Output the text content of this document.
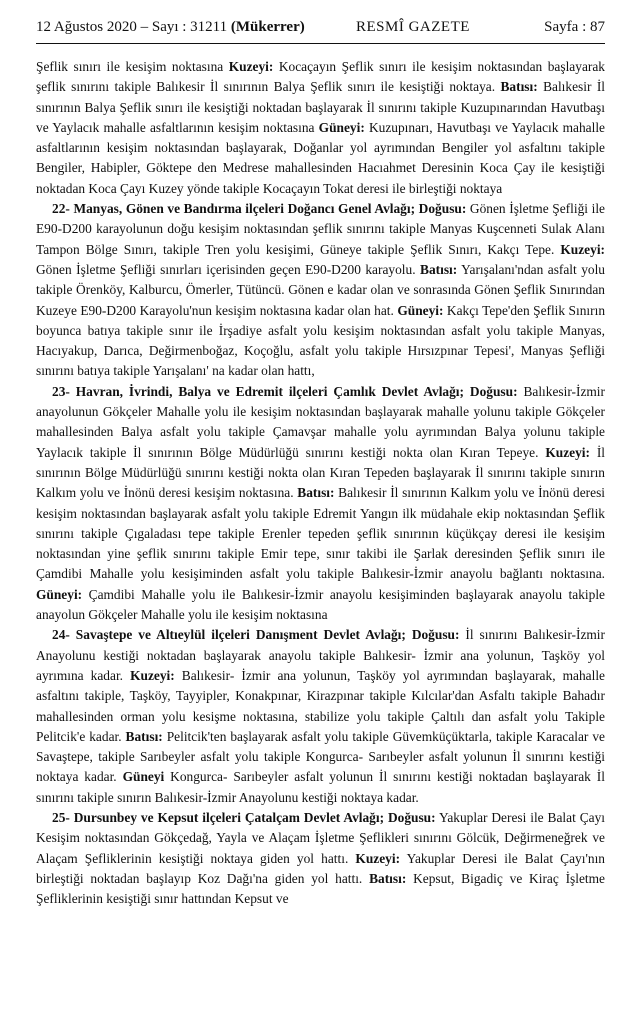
12 Ağustos 2020 – Sayı : 31211 (Mükerrer)	RESMÎ GAZETE	Sayfa : 87

Şeflik sınırı ile kesişim noktasına Kuzeyi: Kocaçayın Şeflik sınırı ile kesişim noktasından başlayarak şeflik sınırını takiple Balıkesir İl sınırının Balya Şeflik sınırı ile kesiştiği noktaya. Batısı: Balıkesir İl sınırının Balya Şeflik sınırı ile kesiştiği noktadan başlayarak İl sınırını takiple Kuzupınarından Havutbaşı ve Yaylacık mahalle asfaltlarının kesişim noktasına Güneyi: Kuzupınarı, Havutbaşı ve Yaylacık mahalle asfaltlarının kesişim noktasından başlayarak, Doğanlar yol ayrımından Bengiler yol asfaltını takiple Bengiler, Habipler, Göktepe den Medrese mahallesinden Hacıahmet Deresinin Koca Çay ile kesiştiği noktadan Koca Çayı Kuzey yönde takiple Kocaçayın Tokat deresi ile birleştiği noktaya

22- Manyas, Gönen ve Bandırma ilçeleri Doğancı Genel Avlağı; Doğusu: Gönen İşletme Şefliği ile E90-D200 karayolunun doğu kesişim noktasından şeflik sınırını takiple Manyas Kuşcenneti Sulak Alanı Tampon Bölge Sınırı, takiple Tren yolu kesişimi, Güneye takiple Şeflik Sınırı, Kakçı Tepe. Kuzeyi: Gönen İşletme Şefliği sınırları içerisinden geçen E90-D200 karayolu. Batısı: Yarışalanı'ndan asfalt yolu takiple Örenköy, Kalburcu, Ömerler, Tütüncü. Gönen e kadar olan ve sonrasında Gönen Şeflik Sınırından Kuzeye E90-D200 Karayolu'nun kesişim noktasına kadar olan hat. Güneyi: Kakçı Tepe'den Şeflik Sınırın boyunca batıya takiple sınır ile İrşadiye asfalt yolu kesişim noktasından asfalt yolu takiple Manyas, Hacıyakup, Darıca, Değirmenboğaz, Koçoğlu, asfalt yolu takiple Hırsızpınar Tepesi', Manyas Şefliği sınırını batıya takiple Yarışalanı' na kadar olan hattı,

23- Havran, İvrindi, Balya ve Edremit ilçeleri Çamlık Devlet Avlağı; Doğusu: Balıkesir-İzmir anayolunun Gökçeler Mahalle yolu ile kesişim noktasından başlayarak mahalle yolunu takiple Gökçeler mahallesinden Balya asfalt yolu takiple Çamavşar mahalle yolu ayrımından Balya yolunu takiple Yaylacık takiple İl sınırının Bölge Müdürlüğü sınırını kestiği nokta olan Kıran Tepeye. Kuzeyi: İl sınırının Bölge Müdürlüğü sınırını kestiği nokta olan Kıran Tepeden başlayarak İl sınırını takiple sınırın Kalkım yolu ve İnönü deresi kesişim noktasına. Batısı: Balıkesir İl sınırının Kalkım yolu ve İnönü deresi kesişim noktasından başlayarak asfalt yolu takiple Edremit Yangın ilk müdahale ekip noktasından Şeflik sınırını takiple Çıgaladası tepe takiple Erenler tepeden şeflik sınırının küçükçay deresi ile kesişim noktasından yine şeflik sınırını takiple Emir tepe, sınır takibi ile Şarlak deresinden Şeflik sınırı ile Çamdibi Mahalle yolu kesişiminden asfalt yolu takiple Balıkesir-İzmir anayolu bağlantı noktasına. Güneyi: Çamdibi Mahalle yolu ile Balıkesir-İzmir anayolu kesişiminden başlayarak anayolu takiple anayolun Gökçeler Mahalle yolu ile kesişim noktasına

24- Savaştepe ve Altıeylül ilçeleri Danışment Devlet Avlağı; Doğusu: İl sınırını Balıkesir-İzmir Anayolunu kestiği noktadan başlayarak anayolu takiple Balıkesir- İzmir ana yolunun, Taşköy yol ayrımına kadar. Kuzeyi: Balıkesir- İzmir ana yolunun, Taşköy yol ayrımından başlayarak, mahalle asfaltını takiple, Taşköy, Tayyipler, Konakpınar, Kirazpınar takiple Kılcılar'dan Asfaltı takiple Bahadır mahallesinden orman yolu kesişme noktasına, stabilize yolu takiple Çaltılı dan asfalt yolu Takiple Pelitcik'e kadar. Batısı: Pelitcik'ten başlayarak asfalt yolu takiple Güvemküçüktarla, takiple Karacalar ve Savaştepe, takiple Sarıbeyler asfalt yolu takiple Kongurca- Sarıbeyler asfalt yolunun İl sınırını kestiği noktaya kadar. Güneyi Kongurca- Sarıbeyler asfalt yolunun İl sınırını kestiği noktadan başlayarak İl sınırını takiple sınırın Balıkesir-İzmir Anayolunu kestiği noktaya kadar.

25- Dursunbey ve Kepsut ilçeleri Çatalçam Devlet Avlağı; Doğusu: Yakuplar Deresi ile Balat Çayı Kesişim noktasından Gökçedağ, Yayla ve Alaçam İşletme Şeflikleri sınırını Gölcük, Değirmeneğrek ve Alaçam Şefliklerinin kesiştiği noktaya giden yol hattı. Kuzeyi: Yakuplar Deresi ile Balat Çayı'nın birleştiği noktadan başlayıp Koz Dağı'na giden yol hattı. Batısı: Kepsut, Bigadiç ve Kiraç İşletme Şefliklerinin kesiştiği sınır hattından Kepsut ve
